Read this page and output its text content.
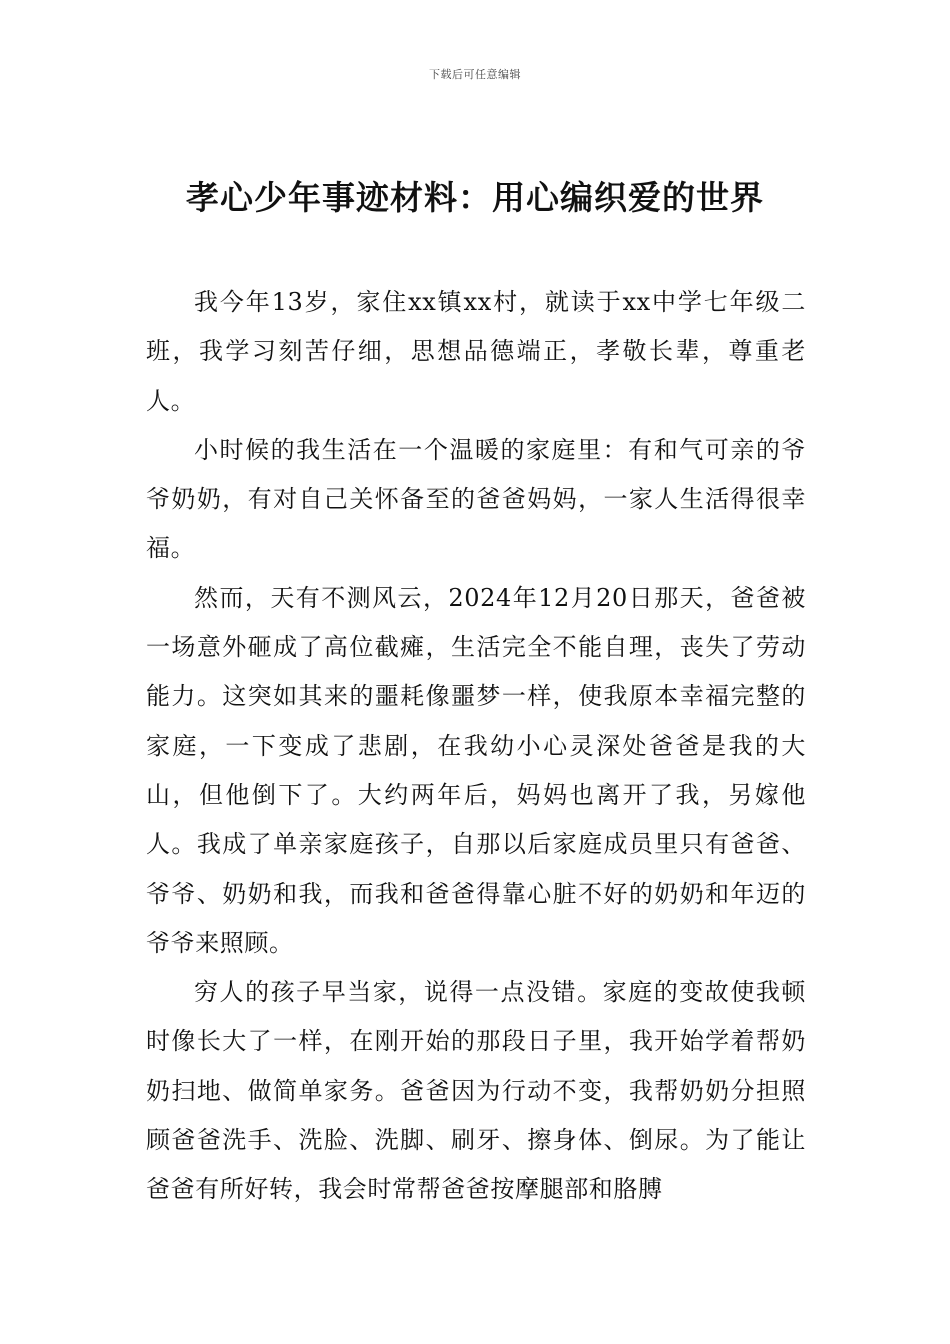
下载后可任意编辑
孝心少年事迹材料：用心编织爱的世界

我今年13岁，家住xx镇xx村，就读于xx中学七年级二班，我学习刻苦仔细，思想品德端正，孝敬长辈，尊重老人。

小时候的我生活在一个温暖的家庭里：有和气可亲的爷爷奶奶，有对自己关怀备至的爸爸妈妈，一家人生活得很幸福。

然而，天有不测风云，2024年12月20日那天，爸爸被一场意外砸成了高位截瘫，生活完全不能自理，丧失了劳动能力。这突如其来的噩耗像噩梦一样，使我原本幸福完整的家庭，一下变成了悲剧，在我幼小心灵深处爸爸是我的大山，但他倒下了。大约两年后，妈妈也离开了我，另嫁他人。我成了单亲家庭孩子，自那以后家庭成员里只有爸爸、爷爷、奶奶和我，而我和爸爸得靠心脏不好的奶奶和年迈的爷爷来照顾。

穷人的孩子早当家，说得一点没错。家庭的变故使我顿时像长大了一样，在刚开始的那段日子里，我开始学着帮奶奶扫地、做简单家务。爸爸因为行动不变，我帮奶奶分担照顾爸爸洗手、洗脸、洗脚、刷牙、擦身体、倒尿。为了能让爸爸有所好转，我会时常帮爸爸按摩腿部和胳膊
